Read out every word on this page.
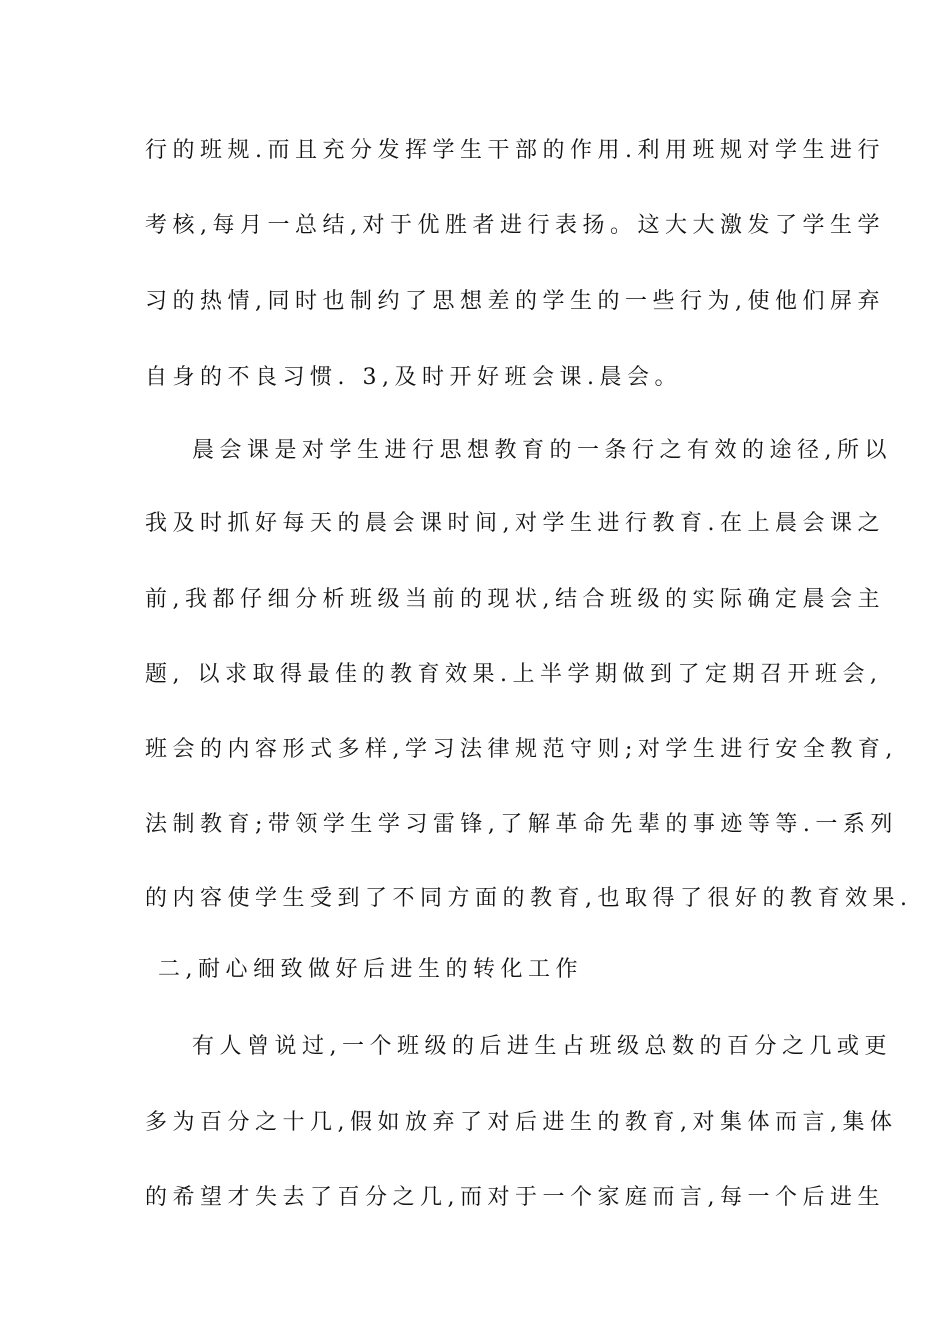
行的班规.而且充分发挥学生干部的作用.利用班规对学生进行
考核,每月一总结,对于优胜者进行表扬。这大大激发了学生学
习的热情,同时也制约了思想差的学生的一些行为,使他们屏弃
自身的不良习惯. 3,及时开好班会课.晨会。
晨会课是对学生进行思想教育的一条行之有效的途径,所以
我及时抓好每天的晨会课时间,对学生进行教育.在上晨会课之
前,我都仔细分析班级当前的现状,结合班级的实际确定晨会主
题, 以求取得最佳的教育效果.上半学期做到了定期召开班会,
班会的内容形式多样,学习法律规范守则;对学生进行安全教育,
法制教育;带领学生学习雷锋,了解革命先辈的事迹等等.一系列
的内容使学生受到了不同方面的教育,也取得了很好的教育效果.
二,耐心细致做好后进生的转化工作
有人曾说过,一个班级的后进生占班级总数的百分之几或更
多为百分之十几,假如放弃了对后进生的教育,对集体而言,集体
的希望才失去了百分之几,而对于一个家庭而言,每一个后进生
